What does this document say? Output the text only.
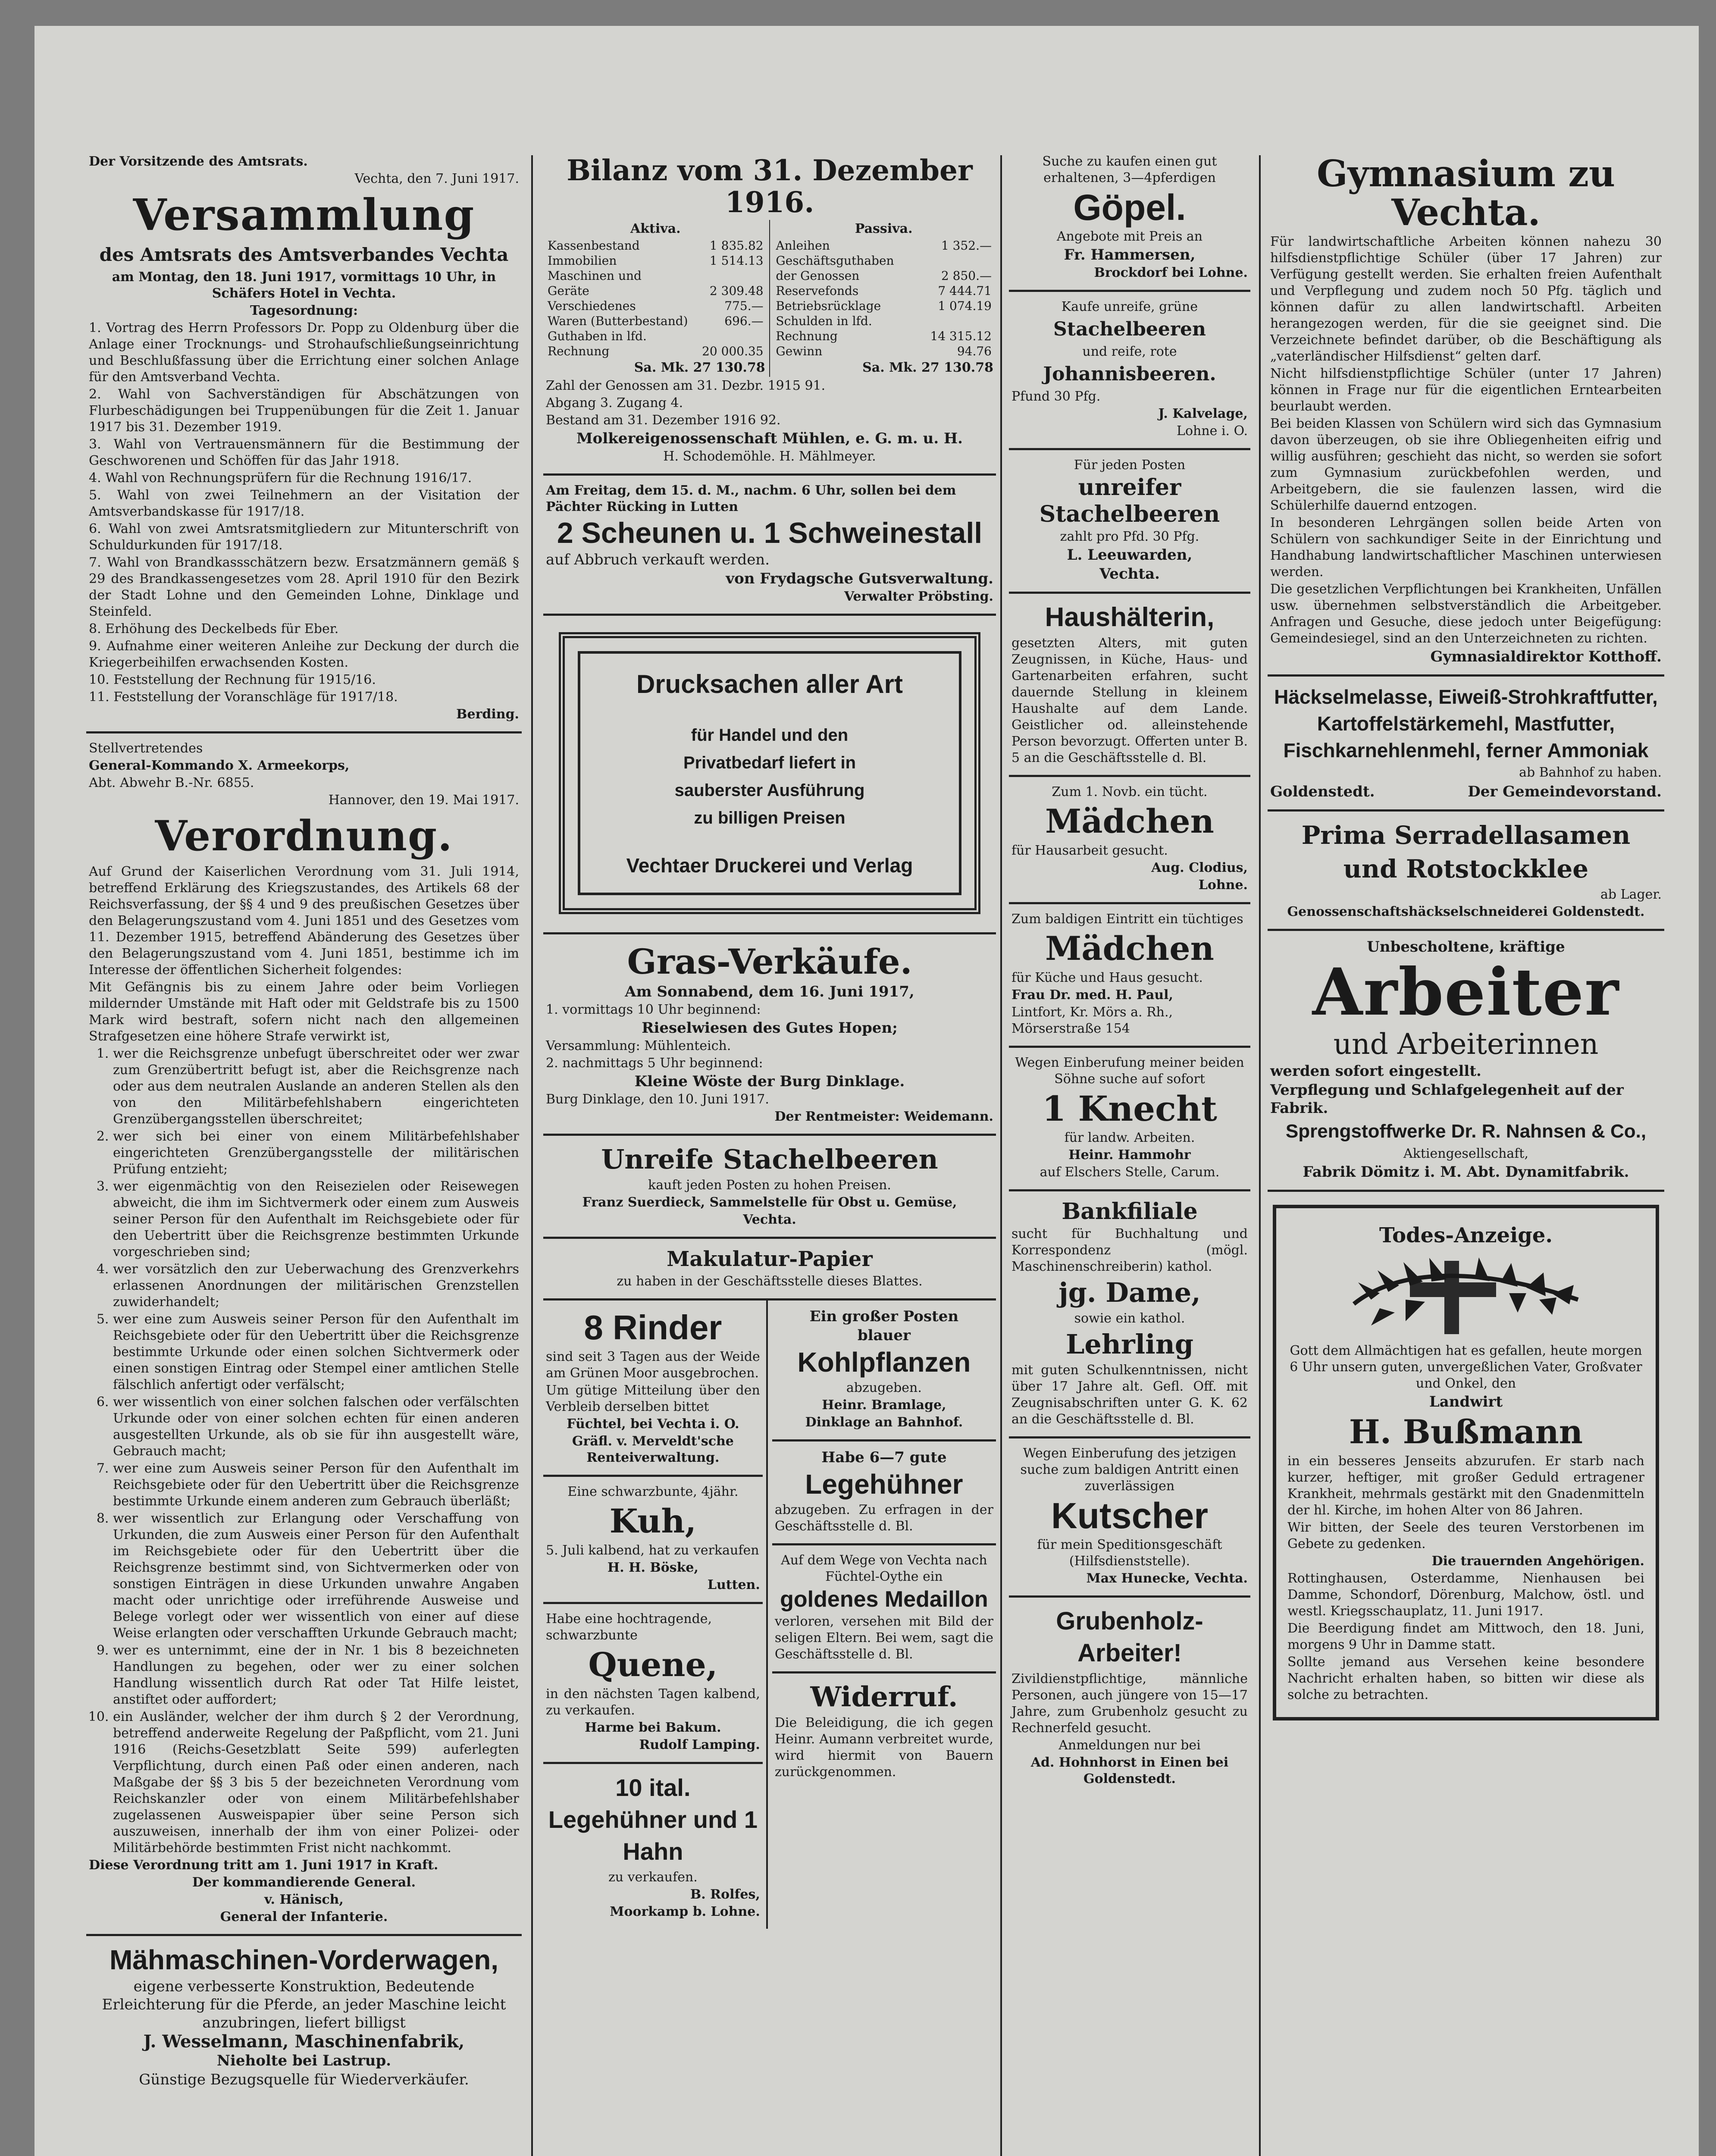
Der Vorsitzende des Amtsrats.
Vechta, den 7. Juni 1917.
Versammlung
des Amtsrats des Amtsverbandes Vechta
am Montag, den 18. Juni 1917, vormittags 10 Uhr, in Schäfers Hotel in Vechta.
Tagesordnung:
1. Vortrag des Herrn Professors Dr. Popp zu Oldenburg über die Anlage einer Trocknungs- und Strohaufschließungseinrichtung und Beschlußfassung über die Errichtung einer solchen Anlage für den Amtsverband Vechta.
2. Wahl von Sachverständigen für Abschätzungen von Flurbeschädigungen bei Truppenübungen für die Zeit 1. Januar 1917 bis 31. Dezember 1919.
3. Wahl von Vertrauensmännern für die Bestimmung der Geschworenen und Schöffen für das Jahr 1918.
4. Wahl von Rechnungsprüfern für die Rechnung 1916/17.
5. Wahl von zwei Teilnehmern an der Visitation der Amtsverbandskasse für 1917/18.
6. Wahl von zwei Amtsratsmitgliedern zur Mitunterschrift von Schuldurkunden für 1917/18.
7. Wahl von Brandkassschätzern bezw. Ersatzmännern gemäß § 29 des Brandkassengesetzes vom 28. April 1910 für den Bezirk der Stadt Lohne und den Gemeinden Lohne, Dinklage und Steinfeld.
8. Erhöhung des Deckelbeds für Eber.
9. Aufnahme einer weiteren Anleihe zur Deckung der durch die Kriegerbeihilfen erwachsenden Kosten.
10. Feststellung der Rechnung für 1915/16.
11. Feststellung der Voranschläge für 1917/18.
Berding.
Stellvertretendes
General-Kommando X. Armeekorps,
Abt. Abwehr B.-Nr. 6855.
Hannover, den 19. Mai 1917.
Verordnung.
Auf Grund der Kaiserlichen Verordnung vom 31. Juli 1914, betreffend Erklärung des Kriegszustandes, des Artikels 68 der Reichsverfassung, der §§ 4 und 9 des preußischen Gesetzes über den Belagerungszustand vom 4. Juni 1851 und des Gesetzes vom 11. Dezember 1915, betreffend Abänderung des Gesetzes über den Belagerungszustand vom 4. Juni 1851, bestimme ich im Interesse der öffentlichen Sicherheit folgendes:
Mit Gefängnis bis zu einem Jahre oder beim Vorliegen mildernder Umstände mit Haft oder mit Geldstrafe bis zu 1500 Mark wird bestraft, sofern nicht nach den allgemeinen Strafgesetzen eine höhere Strafe verwirkt ist,
1. wer die Reichsgrenze unbefugt überschreitet oder wer zwar zum Grenzübertritt befugt ist, aber die Reichsgrenze nach oder aus dem neutralen Auslande an anderen Stellen als den von den Militärbefehlshabern eingerichteten Grenzübergangsstellen überschreitet;
2. wer sich bei einer von einem Militärbefehlshaber eingerichteten Grenzübergangsstelle der militärischen Prüfung entzieht;
3. wer eigenmächtig von den Reisezielen oder Reisewegen abweicht, die ihm im Sichtvermerk oder einem zum Ausweis seiner Person für den Aufenthalt im Reichsgebiete oder für den Uebertritt über die Reichsgrenze bestimmten Urkunde vorgeschrieben sind;
4. wer vorsätzlich den zur Ueberwachung des Grenzverkehrs erlassenen Anordnungen der militärischen Grenzstellen zuwiderhandelt;
5. wer eine zum Ausweis seiner Person für den Aufenthalt im Reichsgebiete oder für den Uebertritt über die Reichsgrenze bestimmte Urkunde oder einen solchen Sichtvermerk oder einen sonstigen Eintrag oder Stempel einer amtlichen Stelle fälschlich anfertigt oder verfälscht;
6. wer wissentlich von einer solchen falschen oder verfälschten Urkunde oder von einer solchen echten für einen anderen ausgestellten Urkunde, als ob sie für ihn ausgestellt wäre, Gebrauch macht;
7. wer eine zum Ausweis seiner Person für den Aufenthalt im Reichsgebiete oder für den Uebertritt über die Reichsgrenze bestimmte Urkunde einem anderen zum Gebrauch überläßt;
8. wer wissentlich zur Erlangung oder Verschaffung von Urkunden, die zum Ausweis einer Person für den Aufenthalt im Reichsgebiete oder für den Uebertritt über die Reichsgrenze bestimmt sind, von Sichtvermerken oder von sonstigen Einträgen in diese Urkunden unwahre Angaben macht oder unrichtige oder irreführende Ausweise und Belege vorlegt oder wer wissentlich von einer auf diese Weise erlangten oder verschafften Urkunde Gebrauch macht;
9. wer es unternimmt, eine der in Nr. 1 bis 8 bezeichneten Handlungen zu begehen, oder wer zu einer solchen Handlung wissentlich durch Rat oder Tat Hilfe leistet, anstiftet oder auffordert;
10. ein Ausländer, welcher der ihm durch § 2 der Verordnung, betreffend anderweite Regelung der Paßpflicht, vom 21. Juni 1916 (Reichs-Gesetzblatt Seite 599) auferlegten Verpflichtung, durch einen Paß oder einen anderen, nach Maßgabe der §§ 3 bis 5 der bezeichneten Verordnung vom Reichskanzler oder von einem Militärbefehlshaber zugelassenen Ausweispapier über seine Person sich auszuweisen, innerhalb der ihm von einer Polizei- oder Militärbehörde bestimmten Frist nicht nachkommt.
Diese Verordnung tritt am 1. Juni 1917 in Kraft.
Der kommandierende General.
v. Hänisch,
General der Infanterie.
Mähmaschinen-Vorderwagen,
eigene verbesserte Konstruktion, Bedeutende Erleichterung für die Pferde, an jeder Maschine leicht anzubringen, liefert billigst
J. Wesselmann, Maschinenfabrik,
Nieholte bei Lastrup.
Günstige Bezugsquelle für Wiederverkäufer.
Bilanz vom 31. Dezember 1916.
Aktiva.
Kassenbestand	1 835.82
Immobilien	1 514.13
Maschinen und	
Geräte	2 309.48
Verschiedenes	775.—
Waren (Butterbestand)	696.—
Guthaben in lfd.	
Rechnung	20 000.35
Sa. Mk. 27 130.78
Passiva.
Anleihen	1 352.—
Geschäftsguthaben	
der Genossen	2 850.—
Reservefonds	7 444.71
Betriebsrücklage	1 074.19
Schulden in lfd.	
Rechnung	14 315.12
Gewinn	94.76
Sa. Mk. 27 130.78
Zahl der Genossen am 31. Dezbr. 1915 91.
Abgang 3. Zugang 4.
Bestand am 31. Dezember 1916 92.
Molkereigenossenschaft Mühlen, e. G. m. u. H.
H. Schodemöhle. H. Mählmeyer.
Am Freitag, dem 15. d. M., nachm. 6 Uhr, sollen bei dem Pächter Rücking in Lutten
2 Scheunen u. 1 Schweinestall
auf Abbruch verkauft werden.
von Frydagsche Gutsverwaltung.
Verwalter Pröbsting.
Drucksachen aller Art
für Handel und den
Privatbedarf liefert in
sauberster Ausführung
zu billigen Preisen
Vechtaer Druckerei und Verlag
Gras-Verkäufe.
Am Sonnabend, dem 16. Juni 1917,
1. vormittags 10 Uhr beginnend:
Rieselwiesen des Gutes Hopen;
Versammlung: Mühlenteich.
2. nachmittags 5 Uhr beginnend:
Kleine Wöste der Burg Dinklage.
Burg Dinklage, den 10. Juni 1917.
Der Rentmeister: Weidemann.
Unreife Stachelbeeren
kauft jeden Posten zu hohen Preisen.
Franz Suerdieck, Sammelstelle für Obst u. Gemüse,
Vechta.
Makulatur-Papier
zu haben in der Geschäftsstelle dieses Blattes.
8 Rinder
sind seit 3 Tagen aus der Weide am Grünen Moor ausgebrochen.
Um gütige Mitteilung über den Verbleib derselben bittet
Füchtel, bei Vechta i. O.
Gräfl. v. Merveldt'sche Renteiverwaltung.
Eine schwarzbunte, 4jähr.
Kuh,
5. Juli kalbend, hat zu verkaufen
H. H. Böske,
Lutten.
Habe eine hochtragende, schwarzbunte
Quene,
in den nächsten Tagen kalbend, zu verkaufen.
Harme bei Bakum.
Rudolf Lamping.
10 ital. Legehühner und 1 Hahn
zu verkaufen.
B. Rolfes,
Moorkamp b. Lohne.
Ein großer Posten
blauer
Kohlpflanzen
abzugeben.
Heinr. Bramlage,
Dinklage an Bahnhof.
Habe 6—7 gute
Legehühner
abzugeben. Zu erfragen in der Geschäftsstelle d. Bl.
Auf dem Wege von Vechta nach Füchtel-Oythe ein
goldenes Medaillon
verloren, versehen mit Bild der seligen Eltern. Bei wem, sagt die Geschäftsstelle d. Bl.
Widerruf.
Die Beleidigung, die ich gegen Heinr. Aumann verbreitet wurde, wird hiermit von Bauern zurückgenommen.
Suche zu kaufen einen gut erhaltenen, 3—4pferdigen
Göpel.
Angebote mit Preis an
Fr. Hammersen,
Brockdorf bei Lohne.
Kaufe unreife, grüne
Stachelbeeren
und reife, rote
Johannisbeeren.
Pfund 30 Pfg.
J. Kalvelage,
Lohne i. O.
Für jeden Posten
unreifer
Stachelbeeren
zahlt pro Pfd. 30 Pfg.
L. Leeuwarden,
Vechta.
Haushälterin,
gesetzten Alters, mit guten Zeugnissen, in Küche, Haus- und Gartenarbeiten erfahren, sucht dauernde Stellung in kleinem Haushalte auf dem Lande. Geistlicher od. alleinstehende Person bevorzugt. Offerten unter B. 5 an die Geschäftsstelle d. Bl.
Zum 1. Novb. ein tücht.
Mädchen
für Hausarbeit gesucht.
Aug. Clodius,
Lohne.
Zum baldigen Eintritt ein tüchtiges
Mädchen
für Küche und Haus gesucht.
Frau Dr. med. H. Paul,
Lintfort, Kr. Mörs a. Rh., Mörserstraße 154
Wegen Einberufung meiner beiden Söhne suche auf sofort
1 Knecht
für landw. Arbeiten.
Heinr. Hammohr
auf Elschers Stelle, Carum.
Bankfiliale
sucht für Buchhaltung und Korrespondenz (mögl. Maschinenschreiberin) kathol.
jg. Dame,
sowie ein kathol.
Lehrling
mit guten Schulkenntnissen, nicht über 17 Jahre alt. Gefl. Off. mit Zeugnisabschriften unter G. K. 62 an die Geschäftsstelle d. Bl.
Wegen Einberufung des jetzigen suche zum baldigen Antritt einen zuverlässigen
Kutscher
für mein Speditionsgeschäft (Hilfsdienststelle).
Max Hunecke, Vechta.
Grubenholz-Arbeiter!
Zivildienstpflichtige, männliche Personen, auch jüngere von 15—17 Jahre, zum Grubenholz gesucht zu Rechnerfeld gesucht.
Anmeldungen nur bei
Ad. Hohnhorst in Einen bei Goldenstedt.
Gymnasium zu Vechta.
Für landwirtschaftliche Arbeiten können nahezu 30 hilfsdienstpflichtige Schüler (über 17 Jahren) zur Verfügung gestellt werden. Sie erhalten freien Aufenthalt und Verpflegung und zudem noch 50 Pfg. täglich und können dafür zu allen landwirtschaftl. Arbeiten herangezogen werden, für die sie geeignet sind. Die Verzeichnete befindet darüber, ob die Beschäftigung als „vaterländischer Hilfsdienst“ gelten darf.
Nicht hilfsdienstpflichtige Schüler (unter 17 Jahren) können in Frage nur für die eigentlichen Erntearbeiten beurlaubt werden.
Bei beiden Klassen von Schülern wird sich das Gymnasium davon überzeugen, ob sie ihre Obliegenheiten eifrig und willig ausführen; geschieht das nicht, so werden sie sofort zum Gymnasium zurückbefohlen werden, und Arbeitgebern, die sie faulenzen lassen, wird die Schülerhilfe dauernd entzogen.
In besonderen Lehrgängen sollen beide Arten von Schülern von sachkundiger Seite in der Einrichtung und Handhabung landwirtschaftlicher Maschinen unterwiesen werden.
Die gesetzlichen Verpflichtungen bei Krankheiten, Unfällen usw. übernehmen selbstverständlich die Arbeitgeber. Anfragen und Gesuche, diese jedoch unter Beigefügung: Gemeindesiegel, sind an den Unterzeichneten zu richten.
Gymnasialdirektor Kotthoff.
Häckselmelasse, Eiweiß-Strohkraftfutter,
Kartoffelstärkemehl, Mastfutter,
Fischkarnehlenmehl, ferner Ammoniak
ab Bahnhof zu haben.
Goldenstedt.	Der Gemeindevorstand.
Prima Serradellasamen
und Rotstockklee
ab Lager.
Genossenschaftshäckselschneiderei Goldenstedt.
Unbescholtene, kräftige
Arbeiter
und Arbeiterinnen
werden sofort eingestellt.
Verpflegung und Schlafgelegenheit auf der Fabrik.
Sprengstoffwerke Dr. R. Nahnsen & Co.,
Aktiengesellschaft,
Fabrik Dömitz i. M. Abt. Dynamitfabrik.
Todes-Anzeige.
Gott dem Allmächtigen hat es gefallen, heute morgen 6 Uhr unsern guten, unvergeßlichen Vater, Großvater und Onkel, den
Landwirt
H. Bußmann
in ein besseres Jenseits abzurufen. Er starb nach kurzer, heftiger, mit großer Geduld ertragener Krankheit, mehrmals gestärkt mit den Gnadenmitteln der hl. Kirche, im hohen Alter von 86 Jahren.
Wir bitten, der Seele des teuren Verstorbenen im Gebete zu gedenken.
Die trauernden Angehörigen.
Rottinghausen, Osterdamme, Nienhausen bei Damme, Schondorf, Dörenburg, Malchow, östl. und westl. Kriegsschauplatz, 11. Juni 1917.
Die Beerdigung findet am Mittwoch, den 18. Juni, morgens 9 Uhr in Damme statt.
Sollte jemand aus Versehen keine besondere Nachricht erhalten haben, so bitten wir diese als solche zu betrachten.
